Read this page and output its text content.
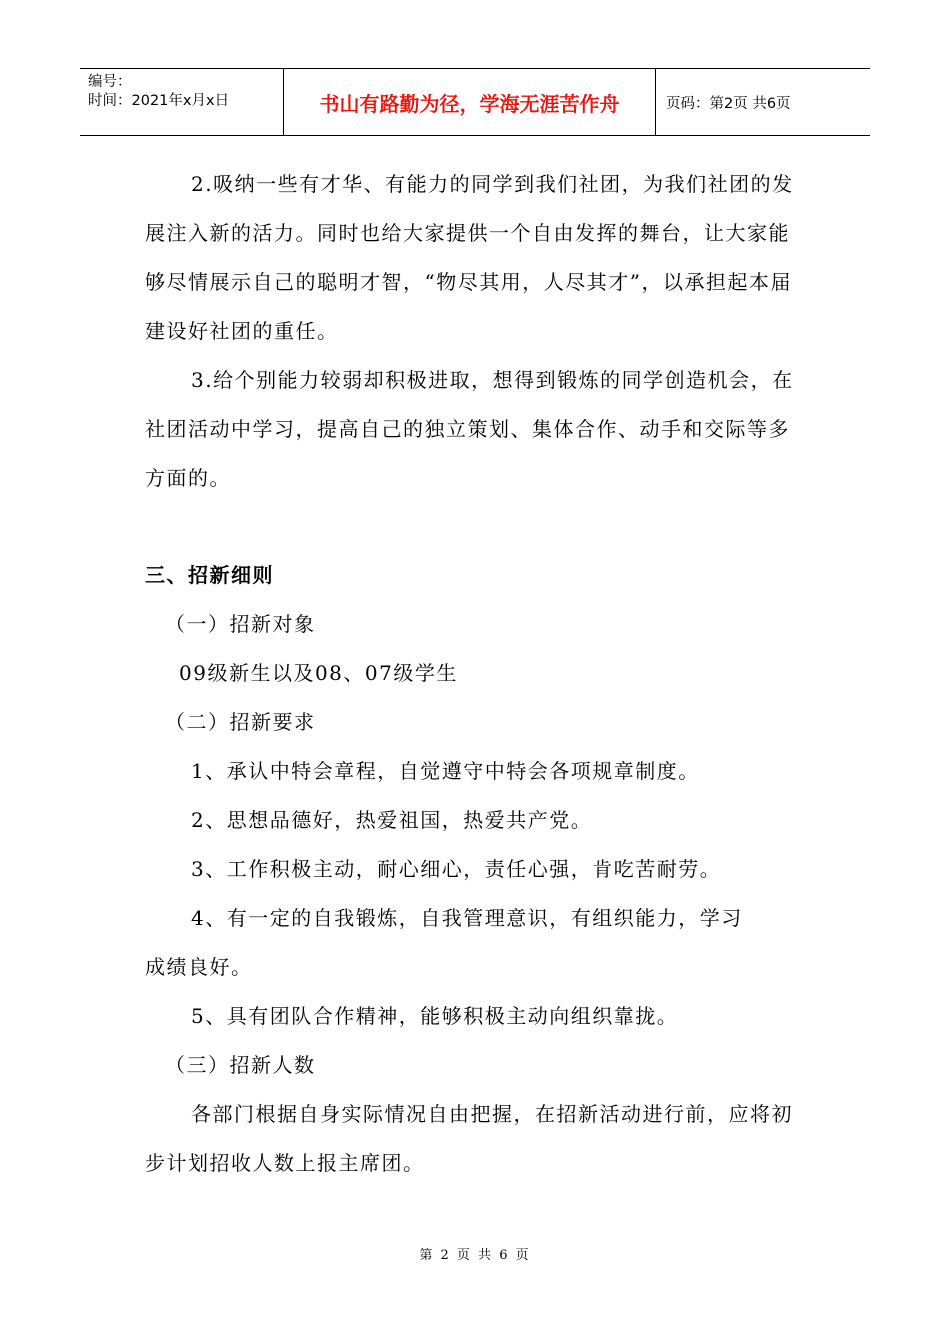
编号：
时间：2021年x月x日	书山有路勤为径，学海无涯苦作舟	页码：第2页 共6页

2.吸纳一些有才华、有能力的同学到我们社团，为我们社团的发展注入新的活力。同时也给大家提供一个自由发挥的舞台，让大家能够尽情展示自己的聪明才智，“物尽其用，人尽其才”，以承担起本届建设好社团的重任。

3.给个别能力较弱却积极进取，想得到锻炼的同学创造机会，在社团活动中学习，提高自己的独立策划、集体合作、动手和交际等多方面的。

三、招新细则

（一）招新对象

09级新生以及08、07级学生

（二）招新要求

1、承认中特会章程，自觉遵守中特会各项规章制度。

2、思想品德好，热爱祖国，热爱共产党。

3、工作积极主动，耐心细心，责任心强，肯吃苦耐劳。

4、有一定的自我锻炼，自我管理意识，有组织能力，学习

成绩良好。

5、具有团队合作精神，能够积极主动向组织靠拢。

（三）招新人数

各部门根据自身实际情况自由把握，在招新活动进行前，应将初步计划招收人数上报主席团。

第 2 页 共 6 页
